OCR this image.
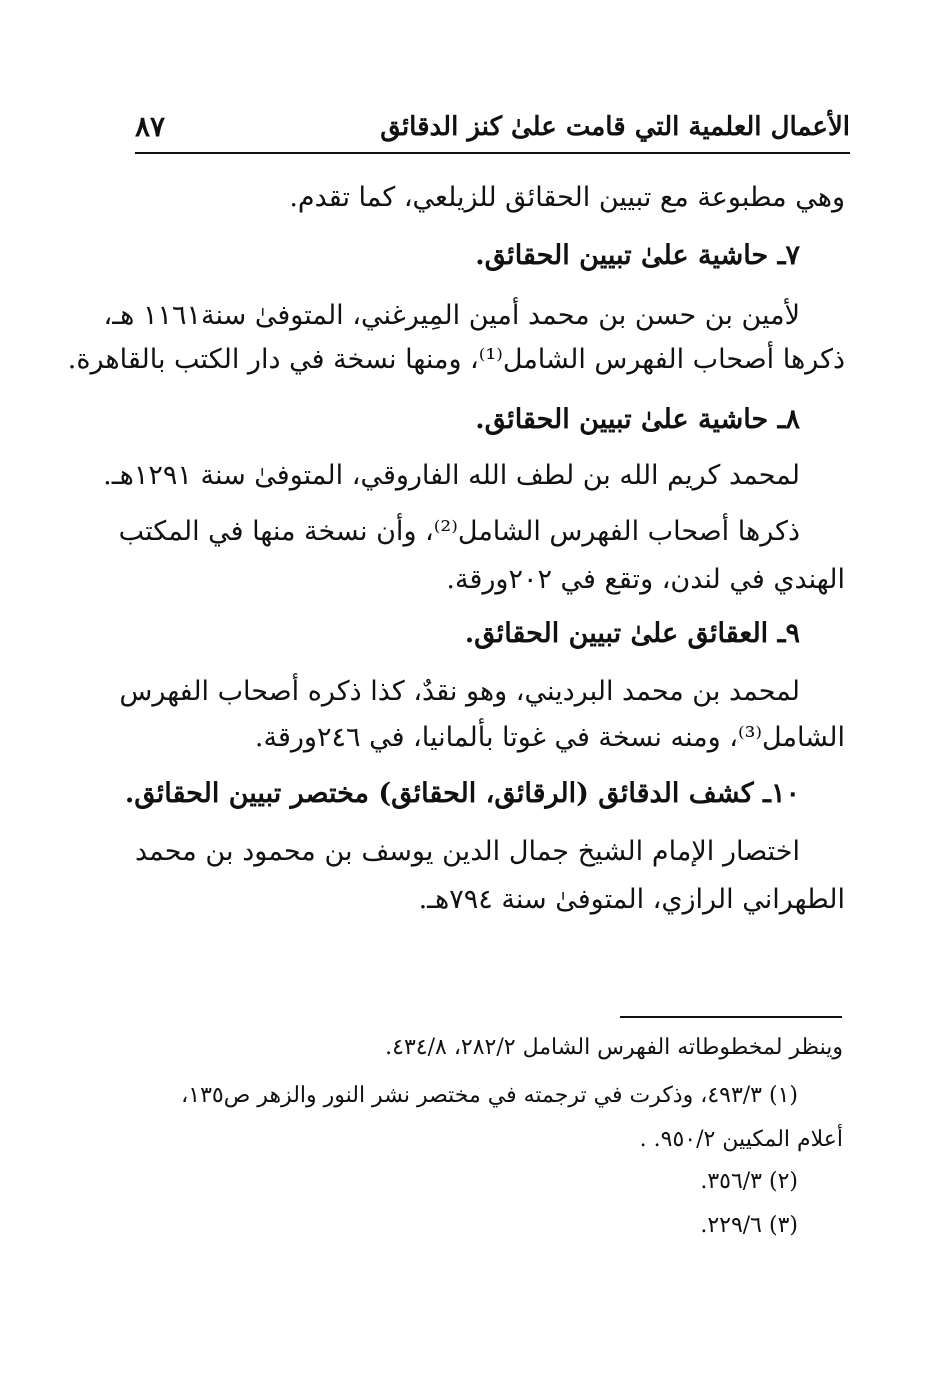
الأعمال العلمية التي قامت علىٰ كنز الدقائق
٨٧
وهي مطبوعة مع تبيين الحقائق للزيلعي، كما تقدم.
٧ـ حاشية علىٰ تبيين الحقائق.
لأمين بن حسن بن محمد أمين المِيرغني، المتوفىٰ سنة١١٦١ هـ،
ذكرها أصحاب الفهرس الشامل⁽¹⁾، ومنها نسخة في دار الكتب بالقاهرة.
٨ـ حاشية علىٰ تبيين الحقائق.
لمحمد كريم الله بن لطف الله الفاروقي، المتوفىٰ سنة ١٢٩١هـ.
ذكرها أصحاب الفهرس الشامل⁽²⁾، وأن نسخة منها في المكتب
الهندي في لندن، وتقع في ٢٠٢ورقة.
٩ـ العقائق علىٰ تبيين الحقائق.
لمحمد بن محمد البرديني، وهو نقدٌ، كذا ذكره أصحاب الفهرس
الشامل⁽³⁾، ومنه نسخة في غوتا بألمانيا، في ٢٤٦ورقة.
١٠ـ كشف الدقائق (الرقائق، الحقائق) مختصر تبيين الحقائق.
اختصار الإمام الشيخ جمال الدين يوسف بن محمود بن محمد
الطهراني الرازي، المتوفىٰ سنة ٧٩٤هـ.
وينظر لمخطوطاته الفهرس الشامل ٢٨٢/٢، ٤٣٤/٨.
(١) ٤٩٣/٣، وذكرت في ترجمته في مختصر نشر النور والزهر ص١٣٥،
أعلام المكيين ٩٥٠/٢. .
(٢) ٣٥٦/٣.
(٣) ٢٢٩/٦.
